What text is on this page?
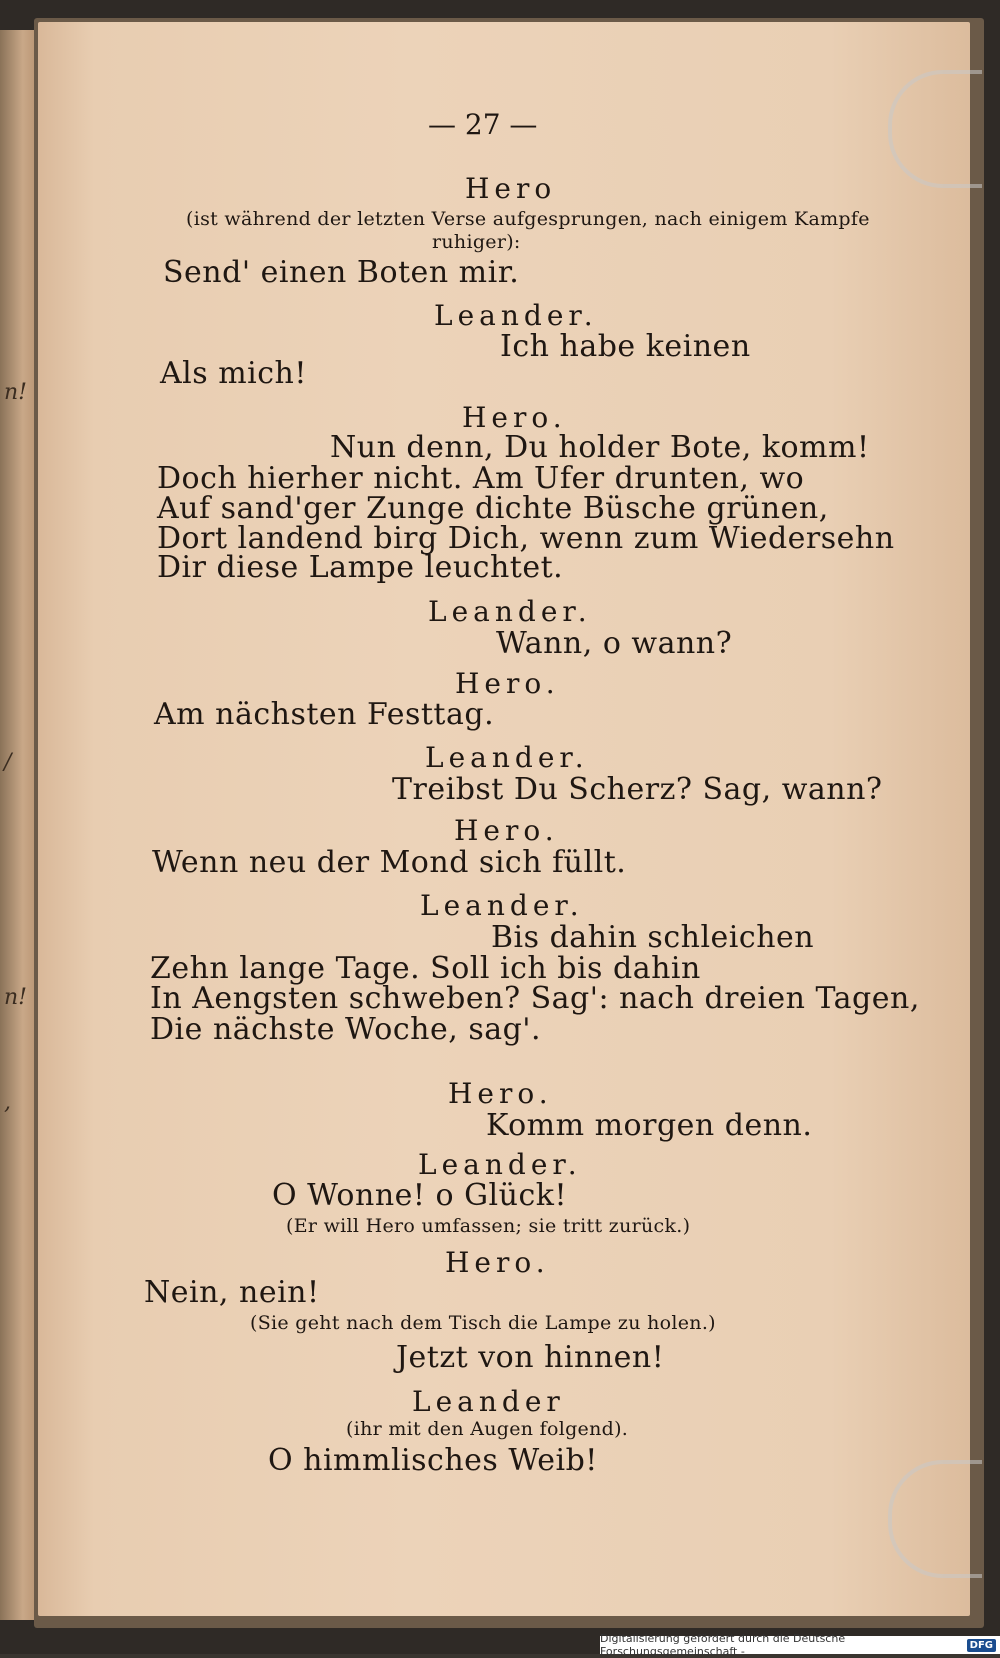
n!
/
n!
,
— 27 —
Hero
(ist während der letzten Verse aufgesprungen, nach einigem Kampfe
ruhiger):
Send' einen Boten mir.
Leander.
Ich habe keinen
Als mich!
Hero.
Nun denn, Du holder Bote, komm!
Doch hierher nicht. Am Ufer drunten, wo
Auf sand'ger Zunge dichte Büsche grünen,
Dort landend birg Dich, wenn zum Wiedersehn
Dir diese Lampe leuchtet.
Leander.
Wann, o wann?
Hero.
Am nächsten Festtag.
Leander.
Treibst Du Scherz? Sag, wann?
Hero.
Wenn neu der Mond sich füllt.
Leander.
Bis dahin schleichen
Zehn lange Tage. Soll ich bis dahin
In Aengsten schweben? Sag': nach dreien Tagen,
Die nächste Woche, sag'.
Hero.
Komm morgen denn.
Leander.
O Wonne! o Glück!
(Er will Hero umfassen; sie tritt zurück.)
Hero.
Nein, nein!
(Sie geht nach dem Tisch die Lampe zu holen.)
Jetzt von hinnen!
Leander
(ihr mit den Augen folgend).
O himmlisches Weib!
Digitalisierung gefördert durch die Deutsche Forschungsgemeinschaft -	DFG
